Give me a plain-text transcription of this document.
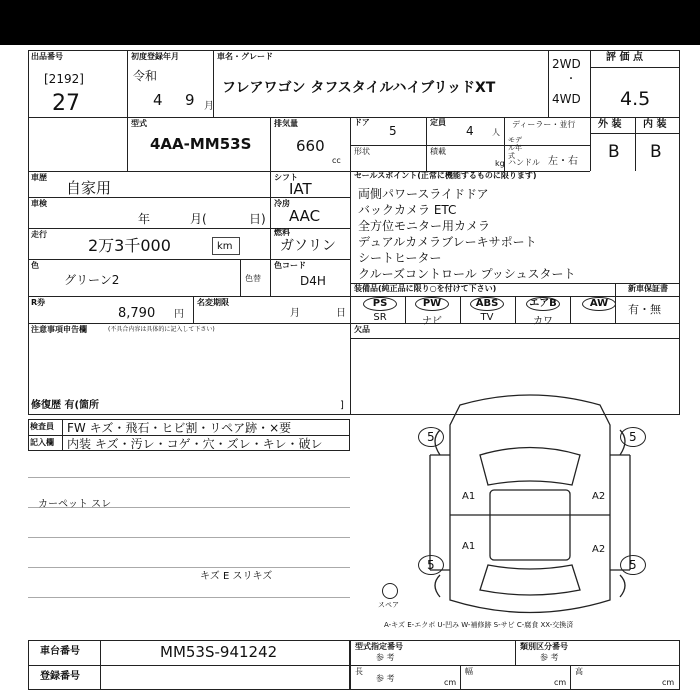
出品番号
[2192]
27
初度登録年月
令和
4 9 月
車名・グレード
フレアワゴン タフスタイルハイブリッドXT
2WD
・
4WD
評 価 点
4.5
外 装 内 装
B B
型式
4AA-MM53S
排気量
660
cc
ドア
5
定員
4 人
ディーラー・並行
モデル年式
形状	積載
kg ハンドル 左・右
車歴
自家用
車検
年	月(	日)
走行
2万3千000	km
色
グリーン2	色替
シフト
IAT
冷房
AAC
燃料
ガソリン
色コード
D4H
R券
8,790 円
名変期限
月	日
セールスポイント(正常に機能するものに限ります)
両側パワースライドドア
バックカメラ ETC
全方位モニター用カメラ
デュアルカメラブレーキサポート
シートヒーター
クルーズコントロール プッシュスタート
装備品(純正品に限り○を付けて下さい)
PS	PW	ABS	エアB	AW
SR	ナビ	TV	カワ
新車保証書
有・無
注意事項申告欄	(不具合内容は具体的に記入して下さい)
修復歴 有(箇所	]
欠品
検査員
記入欄
FW キズ・飛石・ヒビ割・リペア跡・×要
内装 キズ・汚レ・コゲ・穴・ズレ・キレ・破レ
カーペット スレ
キズ E スリキズ
5	5
5	5
A1	A2
A1	A2
スペア
A-キズ E-エクボ U-凹み W-補修跡 S-サビ C-腐食 XX-交換済
車台番号	MM53S-941242
登録番号
型式指定番号
参 考
類別区分番号
参 考
長
参 考	cm
幅
cm
高
cm
